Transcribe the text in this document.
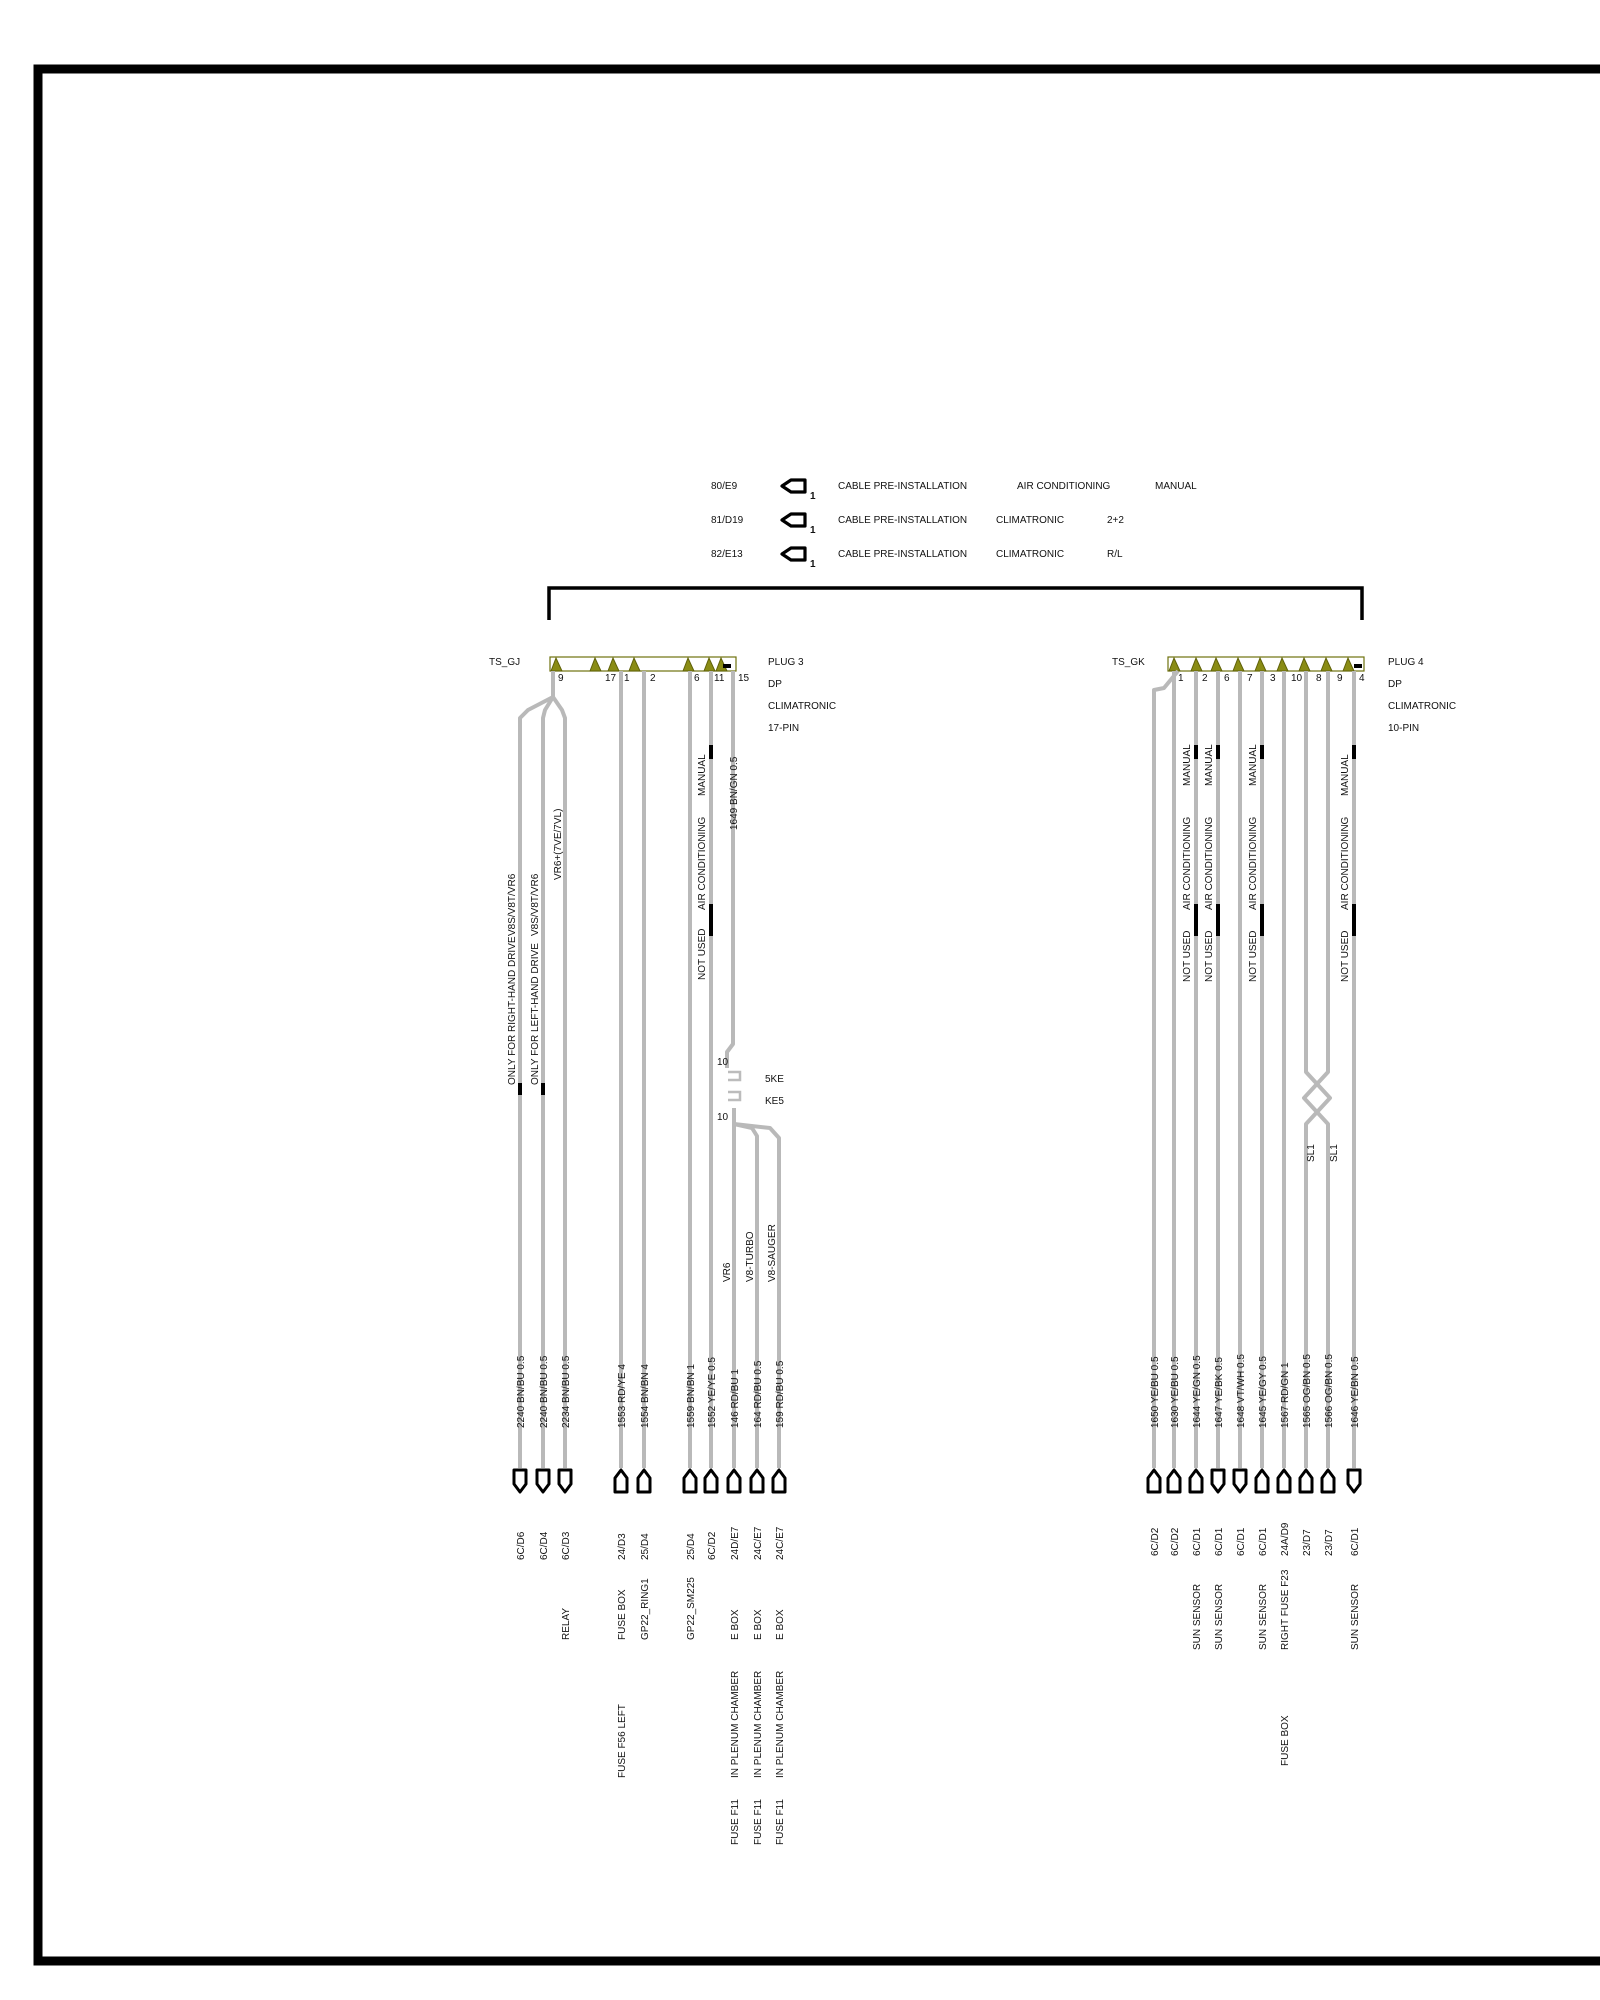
80/E9
1
CABLE PRE-INSTALLATION	AIR CONDITIONING	MANUAL
81/D19
1
CABLE PRE-INSTALLATION	CLIMATRONIC	2+2
82/E13
1
CABLE PRE-INSTALLATION	CLIMATRONIC	R/L
TS_GJ
9	17 1 2	6 11 15
PLUG 3
DP
CLIMATRONIC
17-PIN
TS_GK
1 2 6 7 3 10 8 9 4
PLUG 4
DP
CLIMATRONIC
10-PIN
ONLY FOR RIGHT-HAND DRIVE
V8S/V8T/VR6
ONLY FOR LEFT-HAND DRIVE
V8S/V8T/VR6
VR6+(7VE/7VL)
NOT USED
AIR CONDITIONING
MANUAL 1649 BN/GN 0.5
10
10
5KE
KE5
VR6 V8-TURBO V8-SAUGER
NOT USED
AIR CONDITIONING
MANUAL
NOT USED
AIR CONDITIONING
MANUAL
NOT USED
AIR CONDITIONING
MANUAL
NOT USED
AIR CONDITIONING
MANUAL
SL1 SL1
2240 BN/BU 0.5
6C/D6
2240 BN/BU 0.5
6C/D4
2234 BN/BU 0.5
6C/D3
RELAY
1553 RD/YE 4
24/D3
FUSE BOX
FUSE F56 LEFT
1554 BN/BN 4
25/D4
GP22_RING1
1559 BN/BN 1
25/D4
GP22_SM225
1552 YE/YE 0.5
6C/D2
146 RD/BU 1
24D/E7
E BOX
IN PLENUM CHAMBER
FUSE F11
164 RD/BU 0.5
24C/E7
E BOX
IN PLENUM CHAMBER
FUSE F11
159 RD/BU 0.5
24C/E7
E BOX
IN PLENUM CHAMBER
FUSE F11
1650 YE/BU 0.5
6C/D2
1630 YE/BU 0.5
6C/D2
1644 YE/GN 0.5
6C/D1
SUN SENSOR
1647 YE/BK 0.5
6C/D1
SUN SENSOR
1648 VT/WH 0.5
6C/D1
1645 YE/GY 0.5
6C/D1
SUN SENSOR
1567 RD/GN 1
24A/D9
RIGHT FUSE F23
FUSE BOX
1565 OG/BN 0.5
23/D7
1566 OG/BN 0.5
23/D7
1646 YE/BN 0.5
6C/D1
SUN SENSOR
